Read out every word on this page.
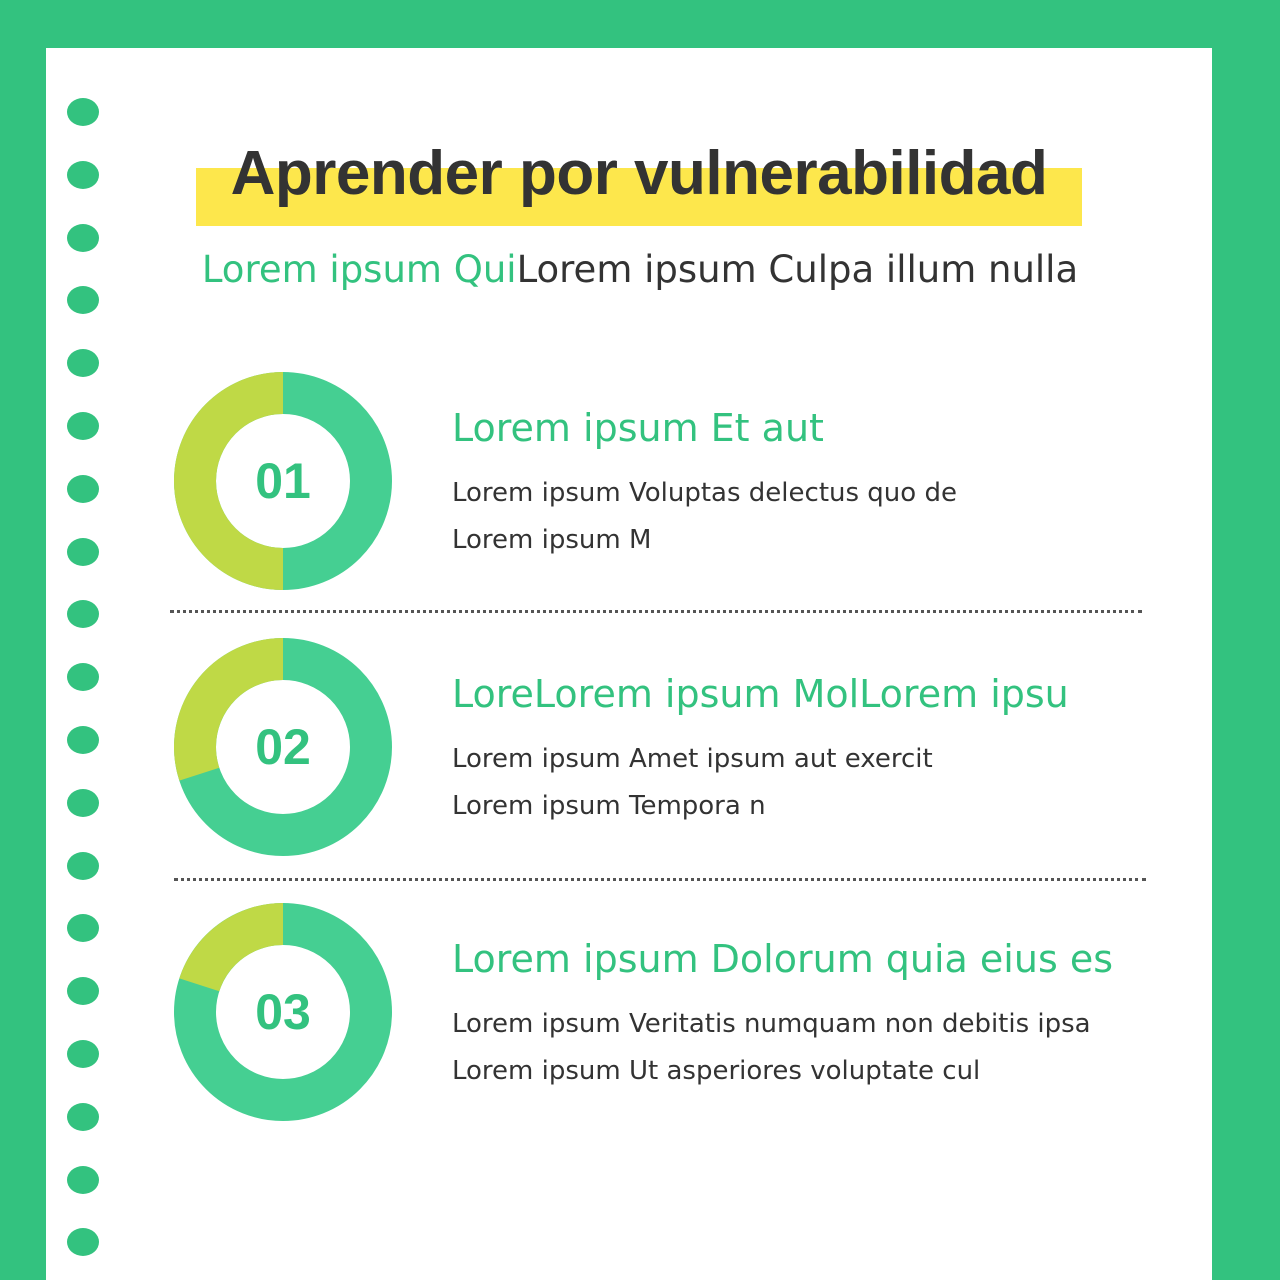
Aprender por vulnerabilidad
Lorem ipsum QuiLorem ipsum Culpa illum nulla
01
Lorem ipsum Et aut
Lorem ipsum Voluptas delectus quo de
Lorem ipsum M
02
LoreLorem ipsum MolLorem ipsu
Lorem ipsum Amet ipsum aut exercit
Lorem ipsum Tempora n
03
Lorem ipsum Dolorum quia eius es
Lorem ipsum Veritatis numquam non debitis ipsa
Lorem ipsum Ut asperiores voluptate cul
